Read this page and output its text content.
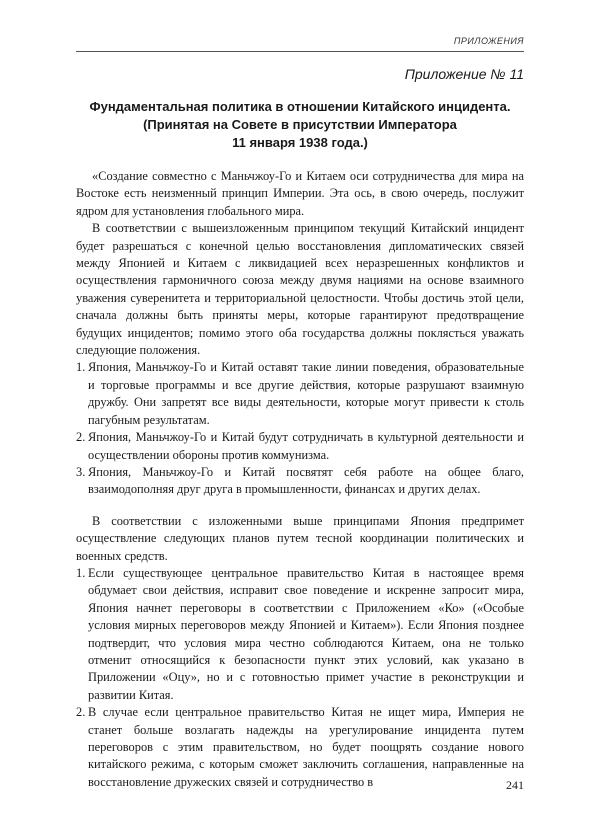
ПРИЛОЖЕНИЯ
Приложение № 11
Фундаментальная политика в отношении Китайского инцидента.
(Принятая на Совете в присутствии Императора
11 января 1938 года.)

«Создание совместно с Маньчжоу-Го и Китаем оси сотрудничества для мира на Востоке есть неизменный принцип Империи. Эта ось, в свою очередь, послужит ядром для установления глобального мира.

В соответствии с вышеизложенным принципом текущий Китайский инцидент будет разрешаться с конечной целью восстановления дипломатических связей между Японией и Китаем с ликвидацией всех неразрешенных конфликтов и осуществления гармоничного союза между двумя нациями на основе взаимного уважения суверенитета и территориальной целостности. Чтобы достичь этой цели, сначала должны быть приняты меры, которые гарантируют предотвращение будущих инцидентов; помимо этого оба государства должны поклясться уважать следующие положения.

1. Япония, Маньчжоу-Го и Китай оставят такие линии поведения, образовательные и торговые программы и все другие действия, которые разрушают взаимную дружбу. Они запретят все виды деятельности, которые могут привести к столь пагубным результатам.
2. Япония, Маньчжоу-Го и Китай будут сотрудничать в культурной деятельности и осуществлении обороны против коммунизма.
3. Япония, Маньчжоу-Го и Китай посвятят себя работе на общее благо, взаимодополняя друг друга в промышленности, финансах и других делах.

В соответствии с изложенными выше принципами Япония предпримет осуществление следующих планов путем тесной координации политических и военных средств.

1. Если существующее центральное правительство Китая в настоящее время обдумает свои действия, исправит свое поведение и искренне запросит мира, Япония начнет переговоры в соответствии с Приложением «Ко» («Особые условия мирных переговоров между Японией и Китаем»). Если Япония позднее подтвердит, что условия мира честно соблюдаются Китаем, она не только отменит относящийся к безопасности пункт этих условий, как указано в Приложении «Оцу», но и с готовностью примет участие в реконструкции и развитии Китая.
2. В случае если центральное правительство Китая не ищет мира, Империя не станет больше возлагать надежды на урегулирование инцидента путем переговоров с этим правительством, но будет поощрять создание нового китайского режима, с которым сможет заключить соглашения, направленные на восстановление дружеских связей и сотрудничество в	241
